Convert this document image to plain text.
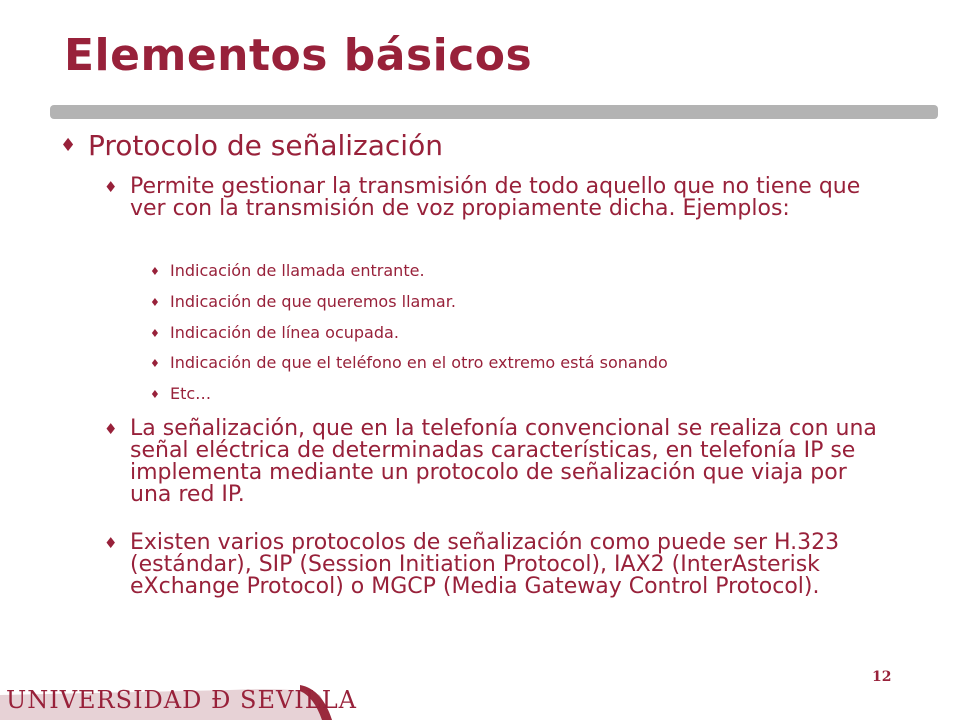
Elementos básicos
♦ Protocolo de señalización
♦ Permite gestionar la transmisión de todo aquello que no tiene que ver con la transmisión de voz propiamente dicha. Ejemplos:
♦ Indicación de llamada entrante.
♦ Indicación de que queremos llamar.
♦ Indicación de línea ocupada.
♦ Indicación de que el teléfono en el otro extremo está sonando
♦ Etc…
♦ La señalización, que en la telefonía convencional se realiza con una señal eléctrica de determinadas características, en telefonía IP se implementa mediante un protocolo de señalización que viaja por una red IP.
♦ Existen varios protocolos de señalización como puede ser H.323 (estándar), SIP (Session Initiation Protocol), IAX2 (InterAsterisk eXchange Protocol) o MGCP (Media Gateway Control Protocol).
12
UNIVERSIDAD Ð SEVILLA
